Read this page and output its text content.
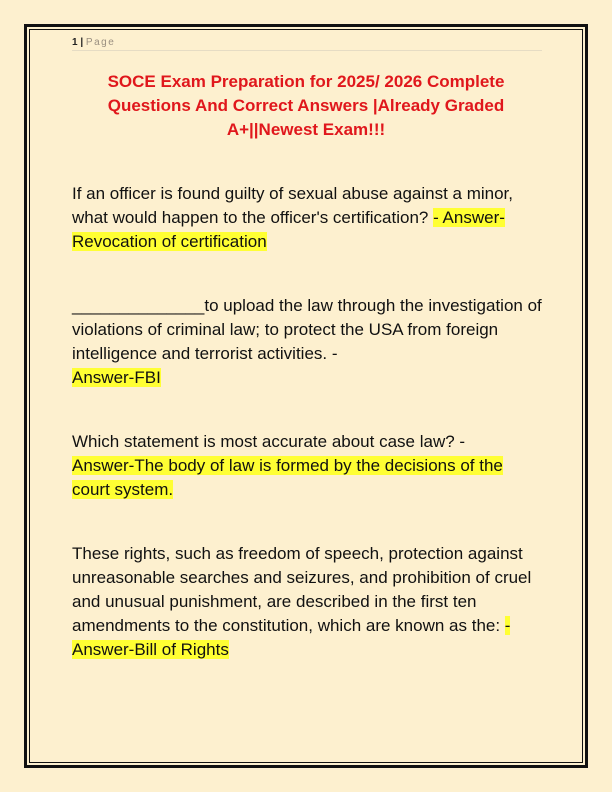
1 | Page

SOCE Exam Preparation for 2025/ 2026 Complete Questions And Correct Answers |Already Graded A+||Newest Exam!!!

If an officer is found guilty of sexual abuse against a minor, what would happen to the officer's certification? - Answer-Revocation of certification

______________to upload the law through the investigation of violations of criminal law; to protect the USA from foreign intelligence and terrorist activities. -
Answer-FBI

Which statement is most accurate about case law? -
Answer-The body of law is formed by the decisions of the court system.

These rights, such as freedom of speech, protection against unreasonable searches and seizures, and prohibition of cruel and unusual punishment, are described in the first ten amendments to the constitution, which are known as the: - Answer-Bill of Rights
